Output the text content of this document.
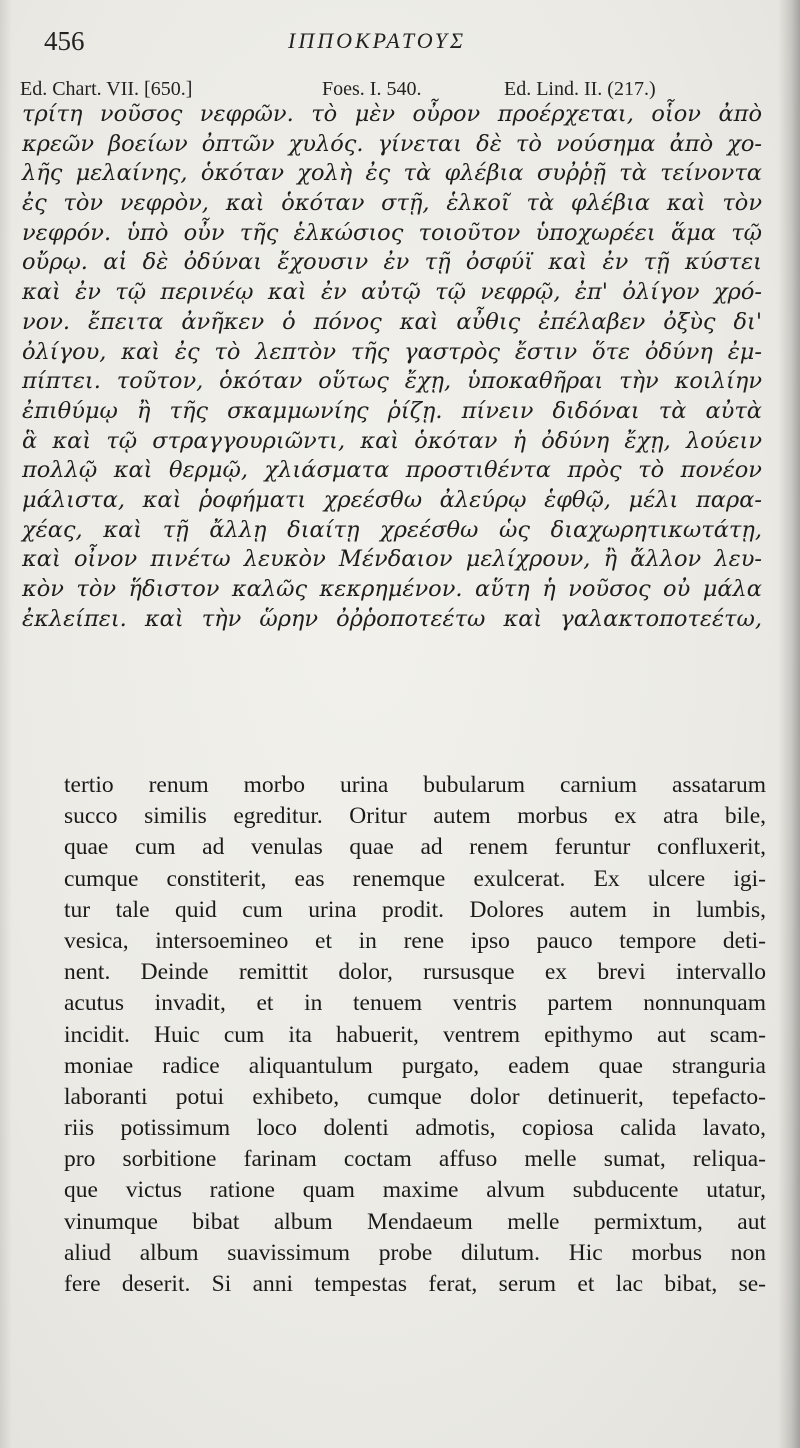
456	ΙΠΠΟΚΡΑΤΟΥΣ
Ed. Chart. VII. [650.]	Foes. I. 540.	Ed. Lind. II. (217.)
τρίτη νοῦσος νεφρῶν. τὸ μὲν οὖρον προέρχεται, οἷον ἀπὸ
κρεῶν βοείων ὀπτῶν χυλός. γίνεται δὲ τὸ νούσημα ἀπὸ χο-
λῆς μελαίνης, ὁκόταν χολὴ ἐς τὰ φλέβια συῤῥῇ τὰ τείνοντα
ἐς τὸν νεφρὸν, καὶ ὁκόταν στῇ, ἑλκοῖ τὰ φλέβια καὶ τὸν
νεφρόν. ὑπὸ οὖν τῆς ἑλκώσιος τοιοῦτον ὑποχωρέει ἅμα τῷ
οὔρῳ. αἱ δὲ ὀδύναι ἔχουσιν ἐν τῇ ὀσφύϊ καὶ ἐν τῇ κύστει
καὶ ἐν τῷ περινέῳ καὶ ἐν αὐτῷ τῷ νεφρῷ, ἐπ' ὀλίγον χρό-
νον. ἔπειτα ἀνῆκεν ὁ πόνος καὶ αὖθις ἐπέλαβεν ὀξὺς δι'
ὀλίγου, καὶ ἐς τὸ λεπτὸν τῆς γαστρὸς ἔστιν ὅτε ὀδύνη ἐμ-
πίπτει. τοῦτον, ὁκόταν οὕτως ἔχῃ, ὑποκαθῆραι τὴν κοιλίην
ἐπιθύμῳ ἢ τῆς σκαμμωνίης ῥίζῃ. πίνειν διδόναι τὰ αὐτὰ
ἃ καὶ τῷ στραγγουριῶντι, καὶ ὁκόταν ἡ ὀδύνη ἔχῃ, λούειν
πολλῷ καὶ θερμῷ, χλιάσματα προστιθέντα πρὸς τὸ πονέον
μάλιστα, καὶ ῥοφήματι χρεέσθω ἀλεύρῳ ἑφθῷ, μέλι παρα-
χέας, καὶ τῇ ἄλλῃ διαίτῃ χρεέσθω ὡς διαχωρητικωτάτῃ,
καὶ οἶνον πινέτω λευκὸν Μένδαιον μελίχρουν, ἢ ἄλλον λευ-
κὸν τὸν ἥδιστον καλῶς κεκρημένον. αὕτη ἡ νοῦσος οὐ μάλα
ἐκλείπει. καὶ τὴν ὥρην ὀῤῥοποτεέτω καὶ γαλακτοποτεέτω,
tertio renum morbo urina bubularum carnium assatarum
succo similis egreditur. Oritur autem morbus ex atra bile,
quae cum ad venulas quae ad renem feruntur confluxerit,
cumque constiterit, eas renemque exulcerat. Ex ulcere igi-
tur tale quid cum urina prodit. Dolores autem in lumbis,
vesica, intersoemineo et in rene ipso pauco tempore deti-
nent. Deinde remittit dolor, rursusque ex brevi intervallo
acutus invadit, et in tenuem ventris partem nonnunquam
incidit. Huic cum ita habuerit, ventrem epithymo aut scam-
moniae radice aliquantulum purgato, eadem quae stranguria
laboranti potui exhibeto, cumque dolor detinuerit, tepefacto-
riis potissimum loco dolenti admotis, copiosa calida lavato,
pro sorbitione farinam coctam affuso melle sumat, reliqua-
que victus ratione quam maxime alvum subducente utatur,
vinumque bibat album Mendaeum melle permixtum, aut
aliud album suavissimum probe dilutum. Hic morbus non
fere deserit. Si anni tempestas ferat, serum et lac bibat, se-
